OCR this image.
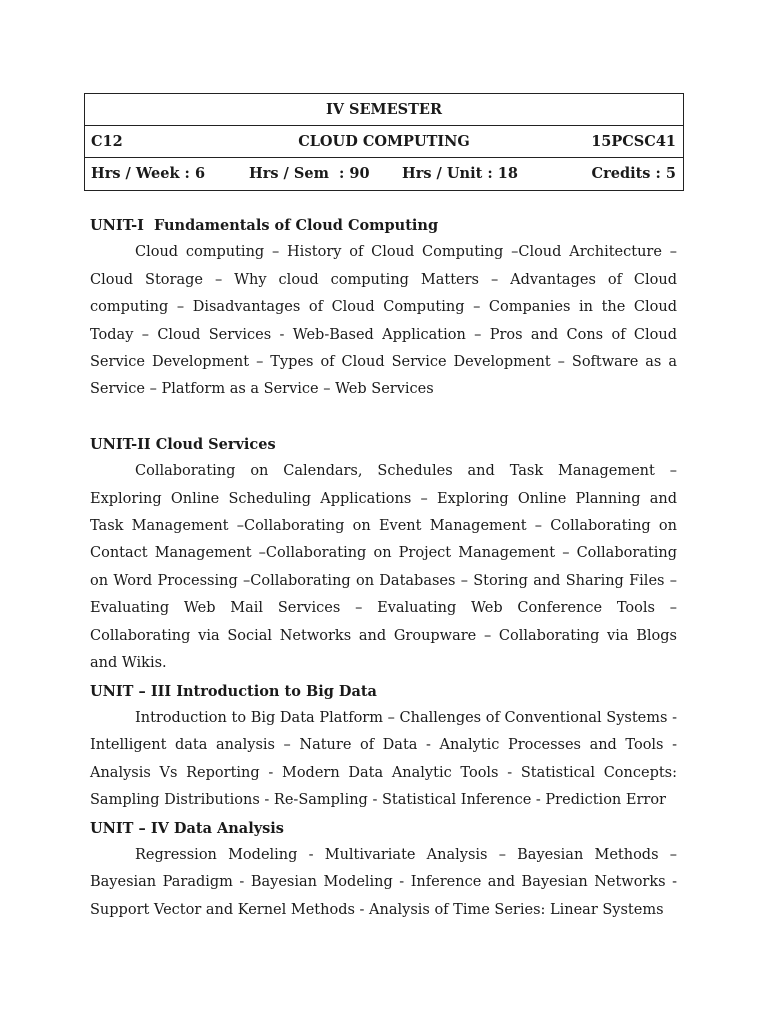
IV SEMESTER
C12	CLOUD COMPUTING	15PCSC41
Hrs / Week : 6	Hrs / Sem  : 90 Hrs / Unit : 18	Credits : 5

UNIT-I  Fundamentals of Cloud Computing

Cloud computing – History of Cloud Computing –Cloud Architecture – Cloud Storage – Why cloud computing Matters – Advantages of Cloud computing – Disadvantages of Cloud Computing – Companies in the Cloud Today – Cloud Services - Web-Based Application – Pros and Cons of Cloud Service Development – Types of Cloud Service Development – Software as a Service – Platform as a Service – Web Services

UNIT-II Cloud Services

Collaborating on Calendars, Schedules and Task Management – Exploring Online Scheduling Applications – Exploring Online Planning and Task Management –Collaborating on Event Management – Collaborating on Contact Management –Collaborating on Project Management – Collaborating on Word Processing –Collaborating on Databases – Storing and Sharing Files – Evaluating Web Mail Services – Evaluating Web Conference Tools – Collaborating via Social Networks and Groupware – Collaborating via Blogs and Wikis.

UNIT – III Introduction to Big Data

Introduction to Big Data Platform – Challenges of Conventional Systems - Intelligent data analysis – Nature of Data - Analytic Processes and Tools - Analysis Vs Reporting - Modern Data Analytic Tools - Statistical Concepts: Sampling Distributions - Re-Sampling - Statistical Inference - Prediction Error

UNIT – IV Data Analysis

Regression Modeling - Multivariate Analysis – Bayesian Methods – Bayesian Paradigm - Bayesian Modeling - Inference and Bayesian Networks - Support Vector and Kernel Methods - Analysis of Time Series: Linear Systems
